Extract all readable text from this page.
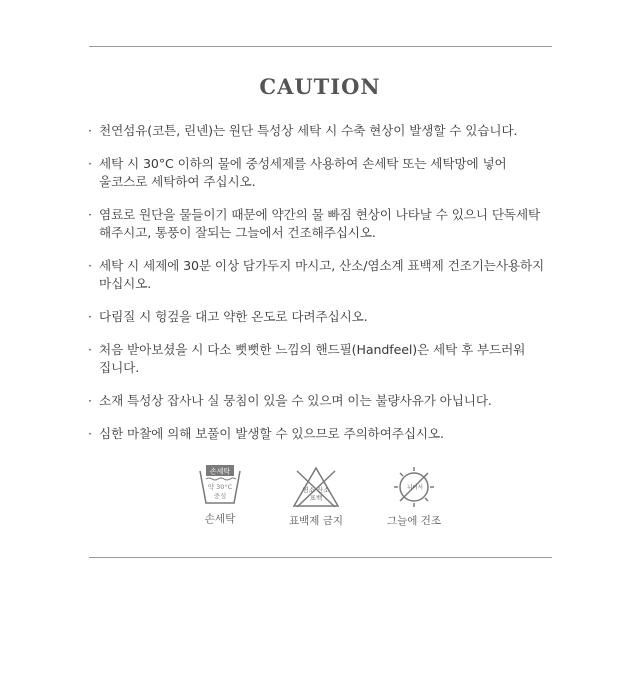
CAUTION
· 천연섬유(코튼, 린넨)는 원단 특성상 세탁 시 수축 현상이 발생할 수 있습니다.
· 세탁 시 30°C 이하의 물에 중성세제를 사용하여 손세탁 또는 세탁망에 넣어
울코스로 세탁하여 주십시오.
· 염료로 원단을 물들이기 때문에 약간의 물 빠짐 현상이 나타날 수 있으니 단독세탁
해주시고, 통풍이 잘되는 그늘에서 건조해주십시오.
· 세탁 시 세제에 30분 이상 담가두지 마시고, 산소/염소계 표백제 건조기는사용하지
마십시오.
· 다림질 시 헝겊을 대고 약한 온도로 다려주십시오.
· 처음 받아보셨을 시 다소 뻣뻣한 느낌의 핸드필(Handfeel)은 세탁 후 부드러워
집니다.
· 소재 특성상 잡사나 실 뭉침이 있을 수 있으며 이는 불량사유가 아닙니다.
· 심한 마찰에 의해 보풀이 발생할 수 있으므로 주의하여주십시오.
손세탁
약 30°C
중성
손세탁
염소·산소
표백
표백제 금지
뉘어서
그늘에 건조
